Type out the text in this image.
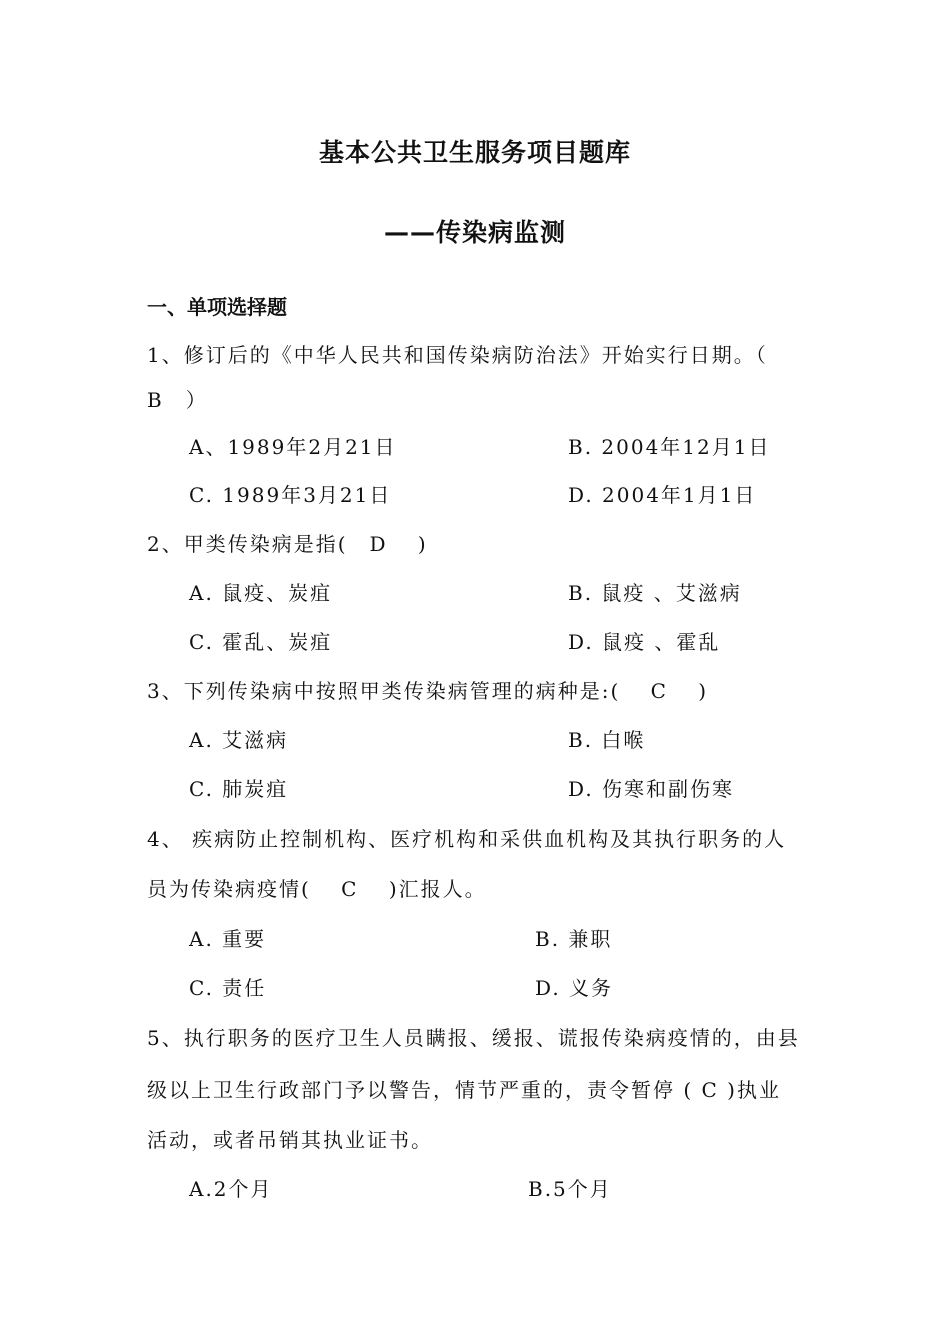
基本公共卫生服务项目题库
——传染病监测
一、单项选择题
1、修订后的《中华人民共和国传染病防治法》开始实行日期。（
B　）
A、1989年2月21日	B. 2004年12月1日
C. 1989年3月21日	D. 2004年1月1日
2、甲类传染病是指(　D　 )
A. 鼠疫、炭疽	B. 鼠疫 、艾滋病
C. 霍乱、炭疽	D. 鼠疫 、霍乱
3、下列传染病中按照甲类传染病管理的病种是:(　 C　 )
A. 艾滋病	B. 白喉
C. 肺炭疽	D. 伤寒和副伤寒
4、 疾病防止控制机构、医疗机构和采供血机构及其执行职务的人
员为传染病疫情(　 C　 )汇报人。
A. 重要	B. 兼职
C. 责任	D. 义务
5、执行职务的医疗卫生人员瞒报、缓报、谎报传染病疫情的，由县
级以上卫生行政部门予以警告，情节严重的，责令暂停 ( C )执业
活动，或者吊销其执业证书。
A.2个月	B.5个月
